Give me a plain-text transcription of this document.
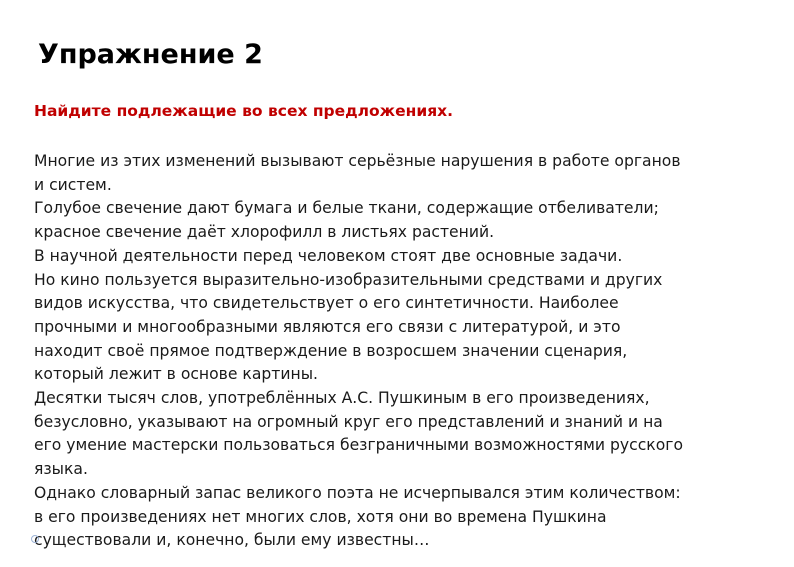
Упражнение 2

Найдите подлежащие во всех предложениях.

Многие из этих изменений вызывают серьёзные нарушения в работе органов
и систем.
Голубое свечение дают бумага и белые ткани, содержащие отбеливатели;
красное свечение даёт хлорофилл в листьях растений.
В научной деятельности перед человеком стоят две основные задачи.
Но кино пользуется выразительно-изобразительными средствами и других
видов искусства, что свидетельствует о его синтетичности. Наиболее
прочными и многообразными являются его связи с литературой, и это
находит своё прямое подтверждение в возросшем значении сценария,
который лежит в основе картины.
Десятки тысяч слов, употреблённых А.С. Пушкиным в его произведениях,
безусловно, указывают на огромный круг его представлений и знаний и на
его умение мастерски пользоваться безграничными возможностями русского
языка.
Однако словарный запас великого поэта не исчерпывался этим количеством:
в его произведениях нет многих слов, хотя они во времена Пушкина
существовали и, конечно, были ему известны…
